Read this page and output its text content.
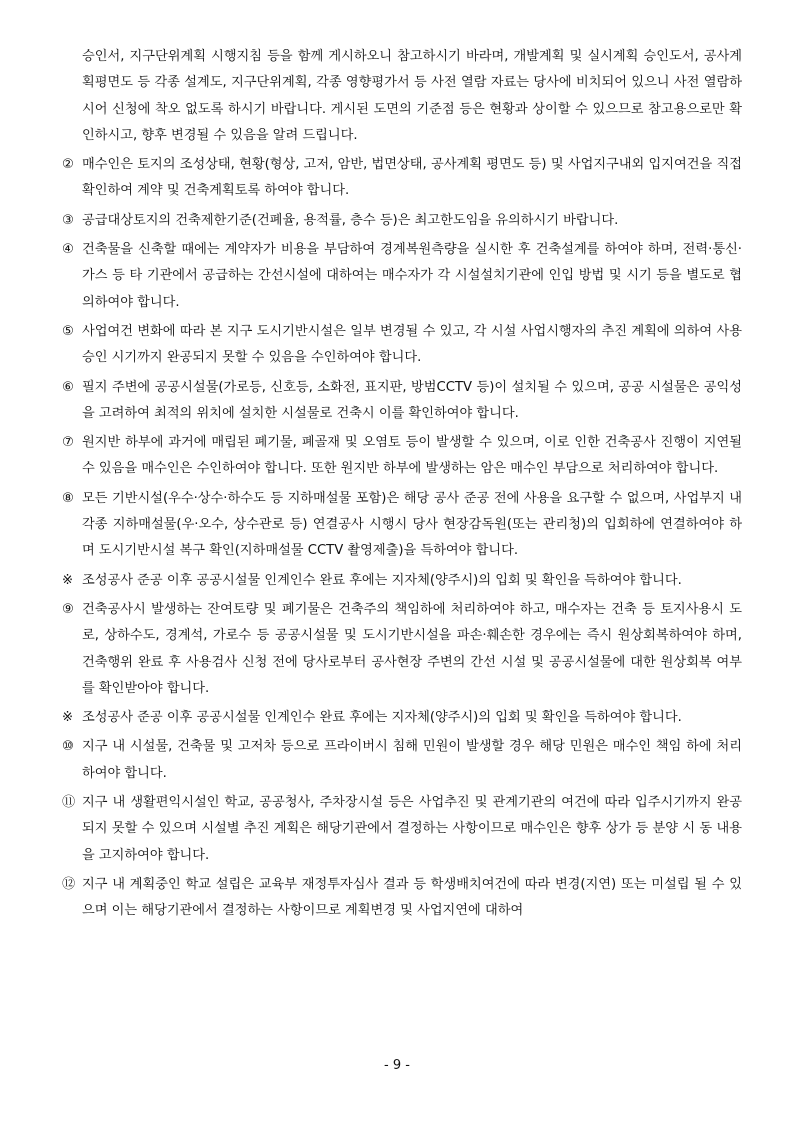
승인서, 지구단위계획 시행지침 등을 함께 게시하오니 참고하시기 바라며, 개발계획 및 실시계획 승인도서, 공사계획평면도 등 각종 설계도, 지구단위계획, 각종 영향평가서 등 사전 열람 자료는 당사에 비치되어 있으니 사전 열람하시어 신청에 착오 없도록 하시기 바랍니다. 게시된 도면의 기준점 등은 현황과 상이할 수 있으므로 참고용으로만 확인하시고, 향후 변경될 수 있음을 알려 드립니다.

② 매수인은 토지의 조성상태, 현황(형상, 고저, 암반, 법면상태, 공사계획 평면도 등) 및 사업지구내외 입지여건을 직접 확인하여 계약 및 건축계획토록 하여야 합니다.
③ 공급대상토지의 건축제한기준(건폐율, 용적률, 층수 등)은 최고한도임을 유의하시기 바랍니다.
④ 건축물을 신축할 때에는 계약자가 비용을 부담하여 경계복원측량을 실시한 후 건축설계를 하여야 하며, 전력·통신·가스 등 타 기관에서 공급하는 간선시설에 대하여는 매수자가 각 시설설치기관에 인입 방법 및 시기 등을 별도로 협의하여야 합니다.
⑤ 사업여건 변화에 따라 본 지구 도시기반시설은 일부 변경될 수 있고, 각 시설 사업시행자의 추진 계획에 의하여 사용승인 시기까지 완공되지 못할 수 있음을 수인하여야 합니다.
⑥ 필지 주변에 공공시설물(가로등, 신호등, 소화전, 표지판, 방범CCTV 등)이 설치될 수 있으며, 공공 시설물은 공익성을 고려하여 최적의 위치에 설치한 시설물로 건축시 이를 확인하여야 합니다.
⑦ 원지반 하부에 과거에 매립된 폐기물, 폐골재 및 오염토 등이 발생할 수 있으며, 이로 인한 건축공사 진행이 지연될 수 있음을 매수인은 수인하여야 합니다. 또한 원지반 하부에 발생하는 암은 매수인 부담으로 처리하여야 합니다.
⑧ 모든 기반시설(우수·상수·하수도 등 지하매설물 포함)은 해당 공사 준공 전에 사용을 요구할 수 없으며, 사업부지 내 각종 지하매설물(우·오수, 상수관로 등) 연결공사 시행시 당사 현장감독원(또는 관리청)의 입회하에 연결하여야 하며 도시기반시설 복구 확인(지하매설물 CCTV 촬영제출)을 득하여야 합니다.
※ 조성공사 준공 이후 공공시설물 인계인수 완료 후에는 지자체(양주시)의 입회 및 확인을 득하여야 합니다.
⑨ 건축공사시 발생하는 잔여토량 및 폐기물은 건축주의 책임하에 처리하여야 하고, 매수자는 건축 등 토지사용시 도로, 상하수도, 경계석, 가로수 등 공공시설물 및 도시기반시설을 파손·훼손한 경우에는 즉시 원상회복하여야 하며, 건축행위 완료 후 사용검사 신청 전에 당사로부터 공사현장 주변의 간선 시설 및 공공시설물에 대한 원상회복 여부를 확인받아야 합니다.
※ 조성공사 준공 이후 공공시설물 인계인수 완료 후에는 지자체(양주시)의 입회 및 확인을 득하여야 합니다.
⑩ 지구 내 시설물, 건축물 및 고저차 등으로 프라이버시 침해 민원이 발생할 경우 해당 민원은 매수인 책임 하에 처리하여야 합니다.
⑪ 지구 내 생활편익시설인 학교, 공공청사, 주차장시설 등은 사업추진 및 관계기관의 여건에 따라 입주시기까지 완공되지 못할 수 있으며 시설별 추진 계획은 해당기관에서 결정하는 사항이므로 매수인은 향후 상가 등 분양 시 동 내용을 고지하여야 합니다.
⑫ 지구 내 계획중인 학교 설립은 교육부 재정투자심사 결과 등 학생배치여건에 따라 변경(지연) 또는 미설립 될 수 있으며 이는 해당기관에서 결정하는 사항이므로 계획변경 및 사업지연에 대하여
- 9 -
